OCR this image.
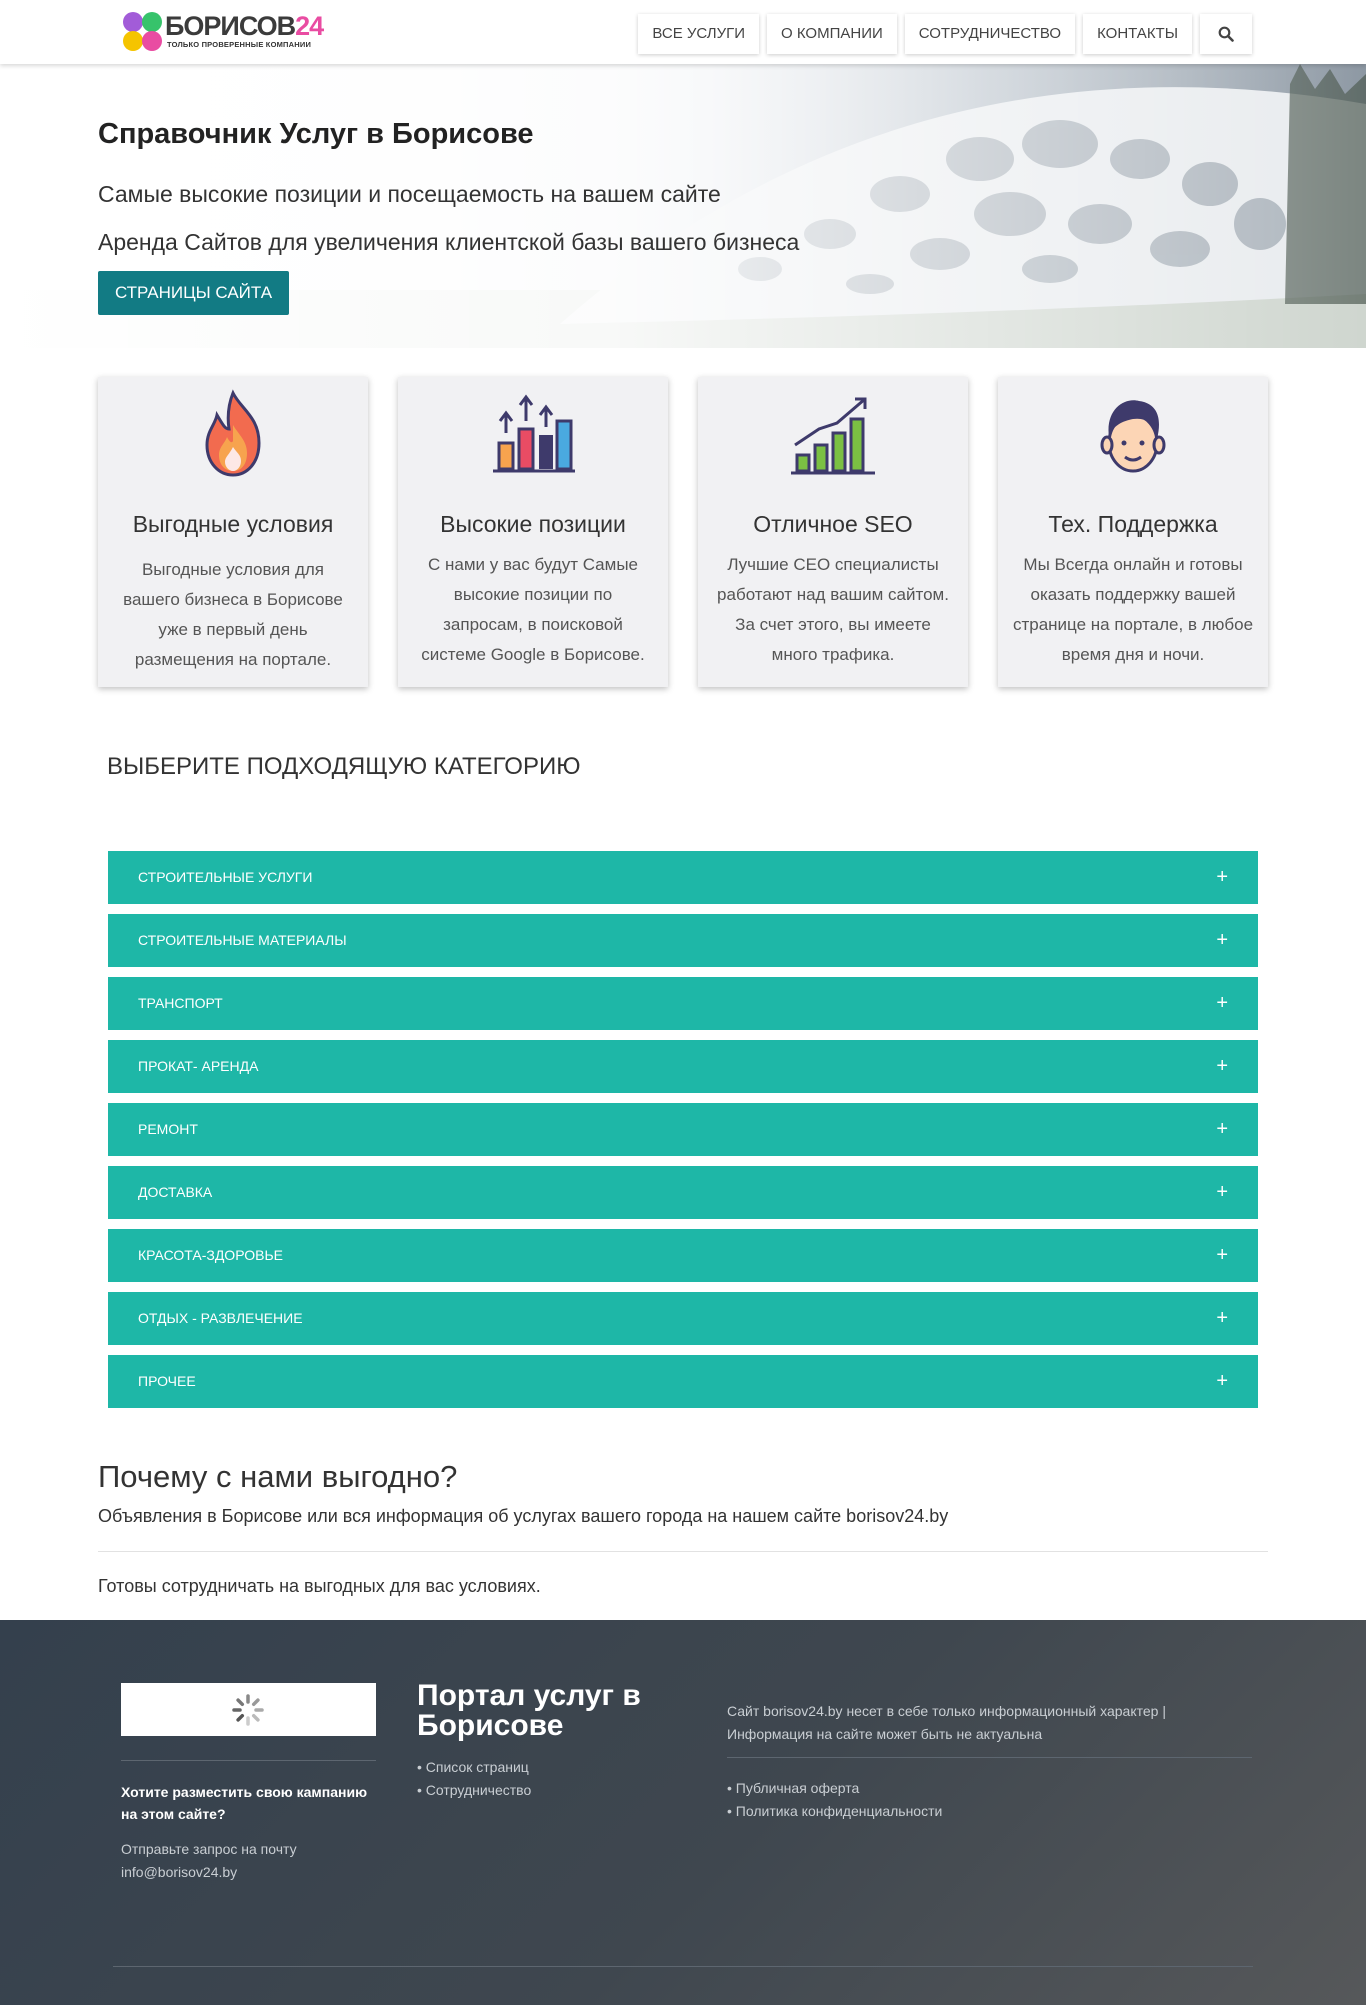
БОРИСОВ24
ТОЛЬКО ПРОВЕРЕННЫЕ КОМПАНИИ
ВСЕ УСЛУГИ	О КОМПАНИИ	СОТРУДНИЧЕСТВО	КОНТАКТЫ
Справочник Услуг в Борисове
Самые высокие позиции и посещаемость на вашем сайте
Аренда Сайтов для увеличения клиентской базы вашего бизнеса
СТРАНИЦЫ САЙТА
Выгодные условия

Выгодные условия для вашего бизнеса в Борисове уже в первый день размещения на портале.

Высокие позиции

С нами у вас будут Самые высокие позиции по запросам, в поисковой системе Google в Борисове.

Отличное SEO

Лучшие СЕО специалисты работают над вашим сайтом. За счет этого, вы имеете много трафика.

Тех. Поддержка

Мы Всегда онлайн и готовы оказать поддержку вашей странице на портале, в любое время дня и ночи.

ВЫБЕРИТЕ ПОДХОДЯЩУЮ КАТЕГОРИЮ
СТРОИТЕЛЬНЫЕ УСЛУГИ	+
СТРОИТЕЛЬНЫЕ МАТЕРИАЛЫ	+
ТРАНСПОРТ	+
ПРОКАТ- АРЕНДА	+
РЕМОНТ	+
ДОСТАВКА	+
КРАСОТА-ЗДОРОВЬЕ	+
ОТДЫХ - РАЗВЛЕЧЕНИЕ	+
ПРОЧЕЕ	+
Почему с нами выгодно?
Объявления в Борисове или вся информация об услугах вашего города на нашем сайте borisov24.by
Готовы сотрудничать на выгодных для вас условиях.
Хотите разместить свою кампанию на этом сайте?
Отправьте запрос на почту
info@borisov24.by
Портал услуг в Борисове
• Список страниц
• Сотрудничество
Сайт borisov24.by несет в себе только информационный характер | Информация на сайте может быть не актуальна
• Публичная оферта
• Политика конфиденциальности
